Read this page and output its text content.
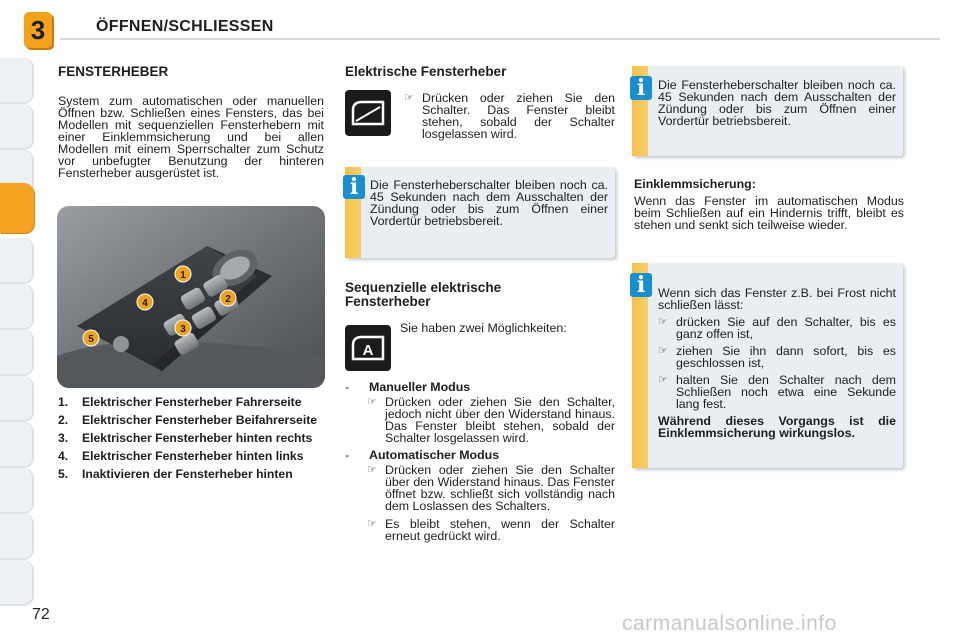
3	ÖFFNEN/SCHLIESSEN
FENSTERHEBER
System zum automatischen oder manuellen Öffnen bzw. Schließen eines Fensters, das bei Modellen mit sequenziellen Fensterhebern mit einer Einklemmsicherung und bei allen Modellen mit einem Sperrschalter zum Schutz vor unbefugter Benutzung der hinteren Fensterheber ausgerüstet ist.
1
2
3
4
5
1.	Elektrischer Fensterheber Fahrerseite
2.	Elektrischer Fensterheber Beifahrerseite
3.	Elektrischer Fensterheber hinten rechts
4.	Elektrischer Fensterheber hinten links
5.	Inaktivieren der Fensterheber hinten
Elektrische Fensterheber
☞ Drücken oder ziehen Sie den Schalter. Das Fenster bleibt stehen, sobald der Schalter losgelassen wird.
i Die Fensterheberschalter bleiben noch ca. 45 Sekunden nach dem Ausschalten der Zündung oder bis zum Öffnen einer Vordertür betriebsbereit.
Sequenzielle elektrische Fensterheber
A
Sie haben zwei Möglichkeiten:
-	Manueller Modus
☞ Drücken oder ziehen Sie den Schalter, jedoch nicht über den Widerstand hinaus. Das Fenster bleibt stehen, sobald der Schalter losgelassen wird.
-	Automatischer Modus
☞ Drücken oder ziehen Sie den Schalter über den Widerstand hinaus. Das Fenster öffnet bzw. schließt sich vollständig nach dem Loslassen des Schalters.
☞ Es bleibt stehen, wenn der Schalter erneut gedrückt wird.
i	Die Fensterheberschalter bleiben noch ca. 45 Sekunden nach dem Ausschalten der Zündung oder bis zum Öffnen einer Vordertür betriebsbereit.
Einklemmsicherung:
Wenn das Fenster im automatischen Modus beim Schließen auf ein Hindernis trifft, bleibt es stehen und senkt sich teilweise wieder.
i	Wenn sich das Fenster z.B. bei Frost nicht schließen lässt:
☞ drücken Sie auf den Schalter, bis es ganz offen ist,
☞ ziehen Sie ihn dann sofort, bis es geschlossen ist,
☞ halten Sie den Schalter nach dem Schließen noch etwa eine Sekunde lang fest.
Während dieses Vorgangs ist die Einklemmsicherung wirkungslos.
72	carmanualsonline.info
